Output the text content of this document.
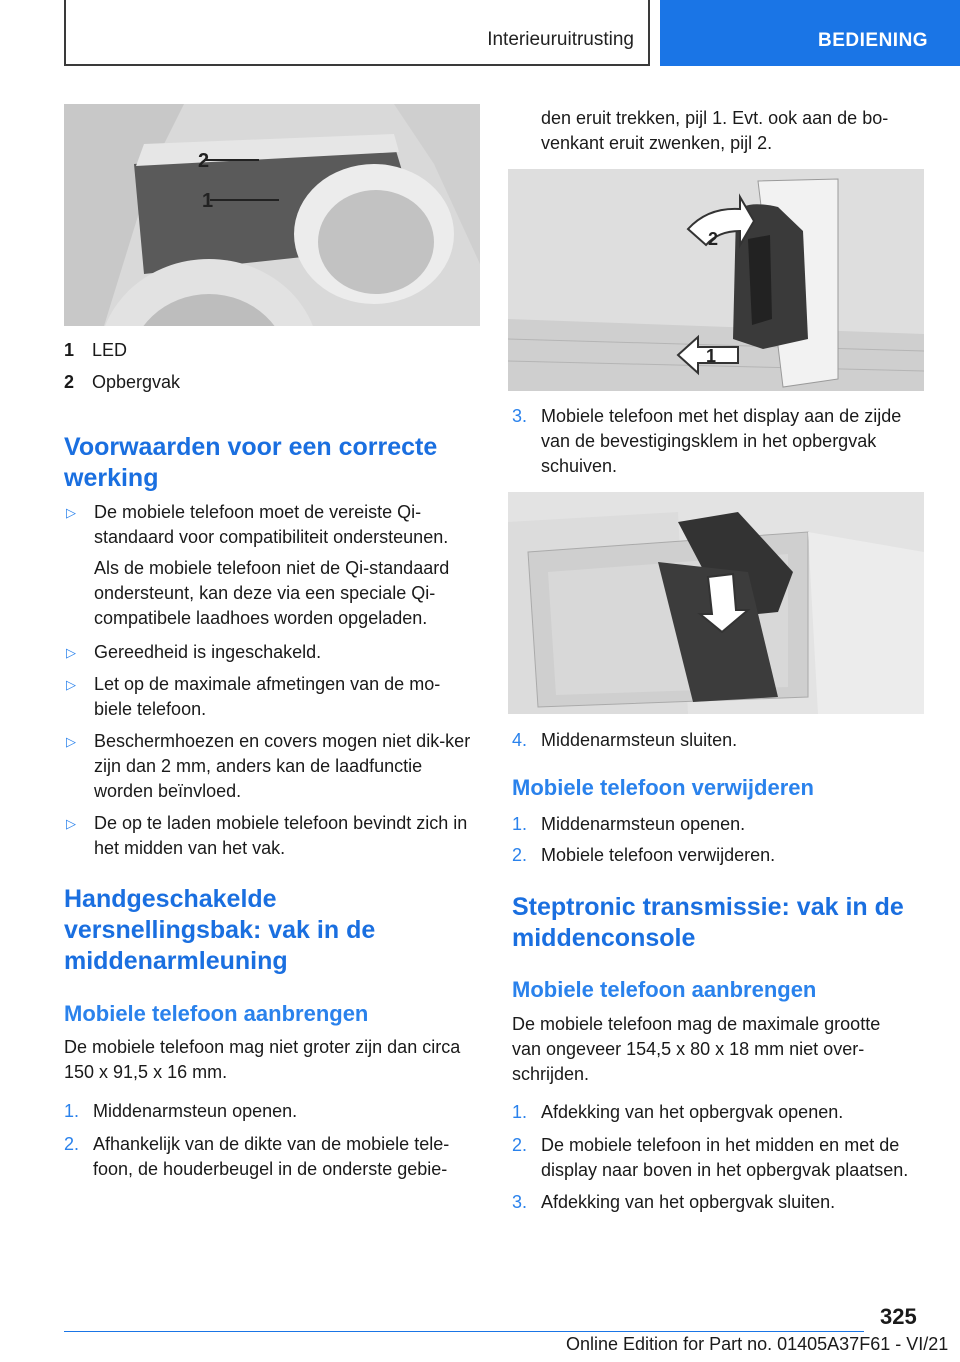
Interieuruitrusting	BEDIENING
2
1
1 LED
2 Opbergvak
Voorwaarden voor een correcte werking
▷ De mobiele telefoon moet de vereiste Qi-standaard voor compatibiliteit ondersteunen.
Als de mobiele telefoon niet de Qi-standaard ondersteunt, kan deze via een speciale Qi-compatibele laadhoes worden opgeladen.
▷ Gereedheid is ingeschakeld.
▷ Let op de maximale afmetingen van de mo-biele telefoon.
▷ Beschermhoezen en covers mogen niet dik-ker zijn dan 2 mm, anders kan de laadfunctie worden beïnvloed.
▷ De op te laden mobiele telefoon bevindt zich in het midden van het vak.
Handgeschakelde versnellingsbak: vak in de middenarmleuning
Mobiele telefoon aanbrengen
De mobiele telefoon mag niet groter zijn dan circa 150 x 91,5 x 16 mm.
1. Middenarmsteun openen.
2. Afhankelijk van de dikte van de mobiele tele-foon, de houderbeugel in de onderste gebie-
den eruit trekken, pijl 1. Evt. ook aan de bo-venkant eruit zwenken, pijl 2.
2
1
3. Mobiele telefoon met het display aan de zijde van de bevestigingsklem in het opbergvak schuiven.
4. Middenarmsteun sluiten.
Mobiele telefoon verwijderen
1. Middenarmsteun openen.
2. Mobiele telefoon verwijderen.
Steptronic transmissie: vak in de middenconsole
Mobiele telefoon aanbrengen
De mobiele telefoon mag de maximale grootte van ongeveer 154,5 x 80 x 18 mm niet over-schrijden.
1. Afdekking van het opbergvak openen.
2. De mobiele telefoon in het midden en met de display naar boven in het opbergvak plaatsen.
3. Afdekking van het opbergvak sluiten.
325
Online Edition for Part no. 01405A37F61 - VI/21
